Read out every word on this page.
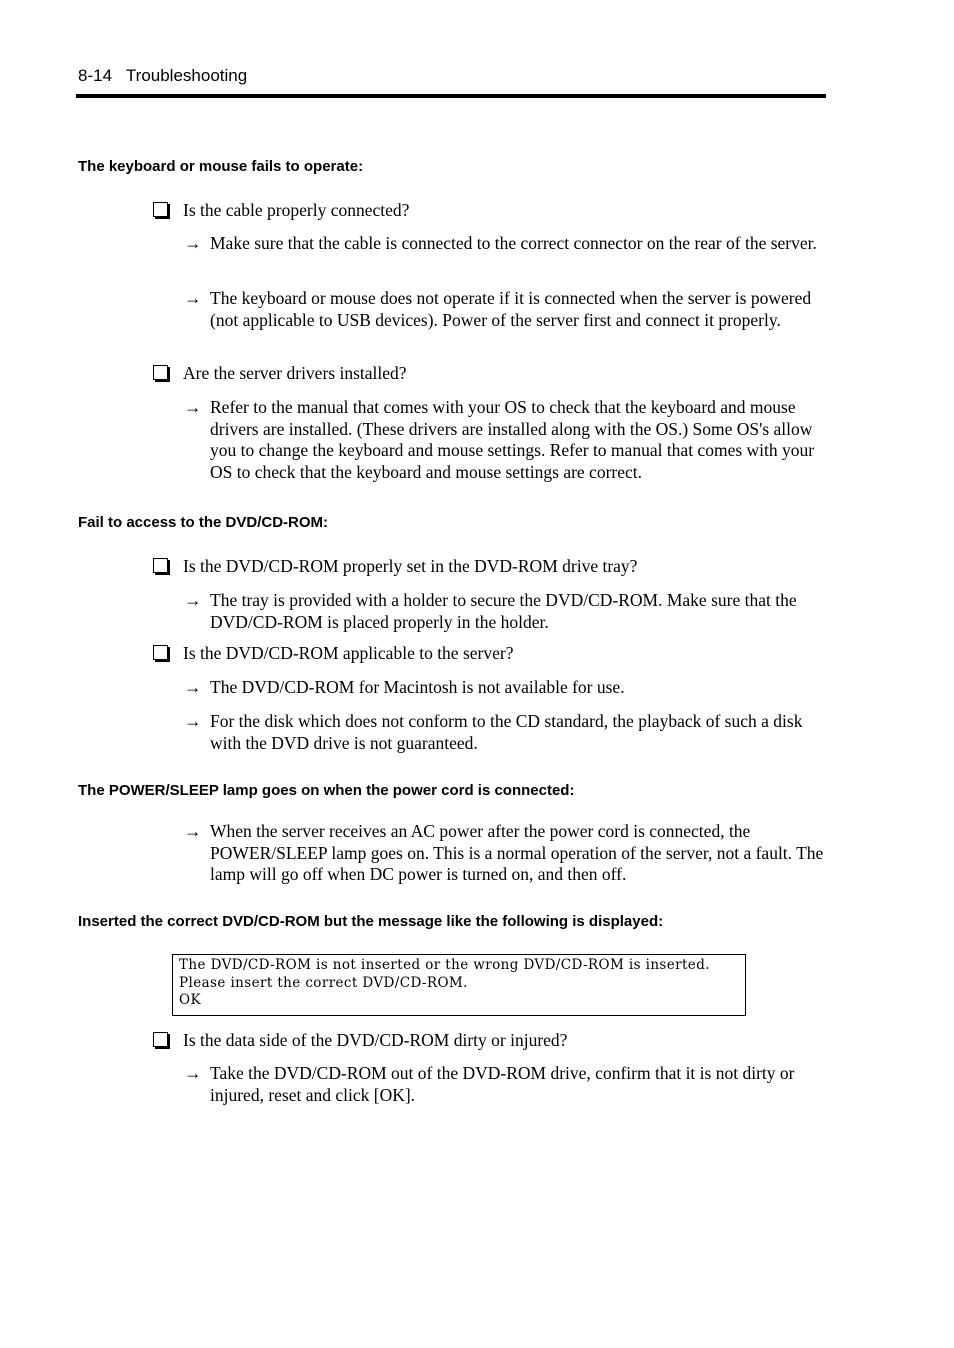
8-14 Troubleshooting
The keyboard or mouse fails to operate:
Is the cable properly connected?
→ Make sure that the cable is connected to the correct connector on the rear of the server.
→ The keyboard or mouse does not operate if it is connected when the server is powered (not applicable to USB devices). Power of the server first and connect it properly.
Are the server drivers installed?
→ Refer to the manual that comes with your OS to check that the keyboard and mouse drivers are installed. (These drivers are installed along with the OS.) Some OS's allow you to change the keyboard and mouse settings. Refer to manual that comes with your OS to check that the keyboard and mouse settings are correct.
Fail to access to the DVD/CD-ROM:
Is the DVD/CD-ROM properly set in the DVD-ROM drive tray?
→ The tray is provided with a holder to secure the DVD/CD-ROM. Make sure that the DVD/CD-ROM is placed properly in the holder.
Is the DVD/CD-ROM applicable to the server?
→ The DVD/CD-ROM for Macintosh is not available for use.
→ For the disk which does not conform to the CD standard, the playback of such a disk with the DVD drive is not guaranteed.
The POWER/SLEEP lamp goes on when the power cord is connected:
→ When the server receives an AC power after the power cord is connected, the POWER/SLEEP lamp goes on. This is a normal operation of the server, not a fault. The lamp will go off when DC power is turned on, and then off.
Inserted the correct DVD/CD-ROM but the message like the following is displayed:
The DVD/CD-ROM is not inserted or the wrong DVD/CD-ROM is inserted.
Please insert the correct DVD/CD-ROM.
OK
Is the data side of the DVD/CD-ROM dirty or injured?
→ Take the DVD/CD-ROM out of the DVD-ROM drive, confirm that it is not dirty or injured, reset and click [OK].
